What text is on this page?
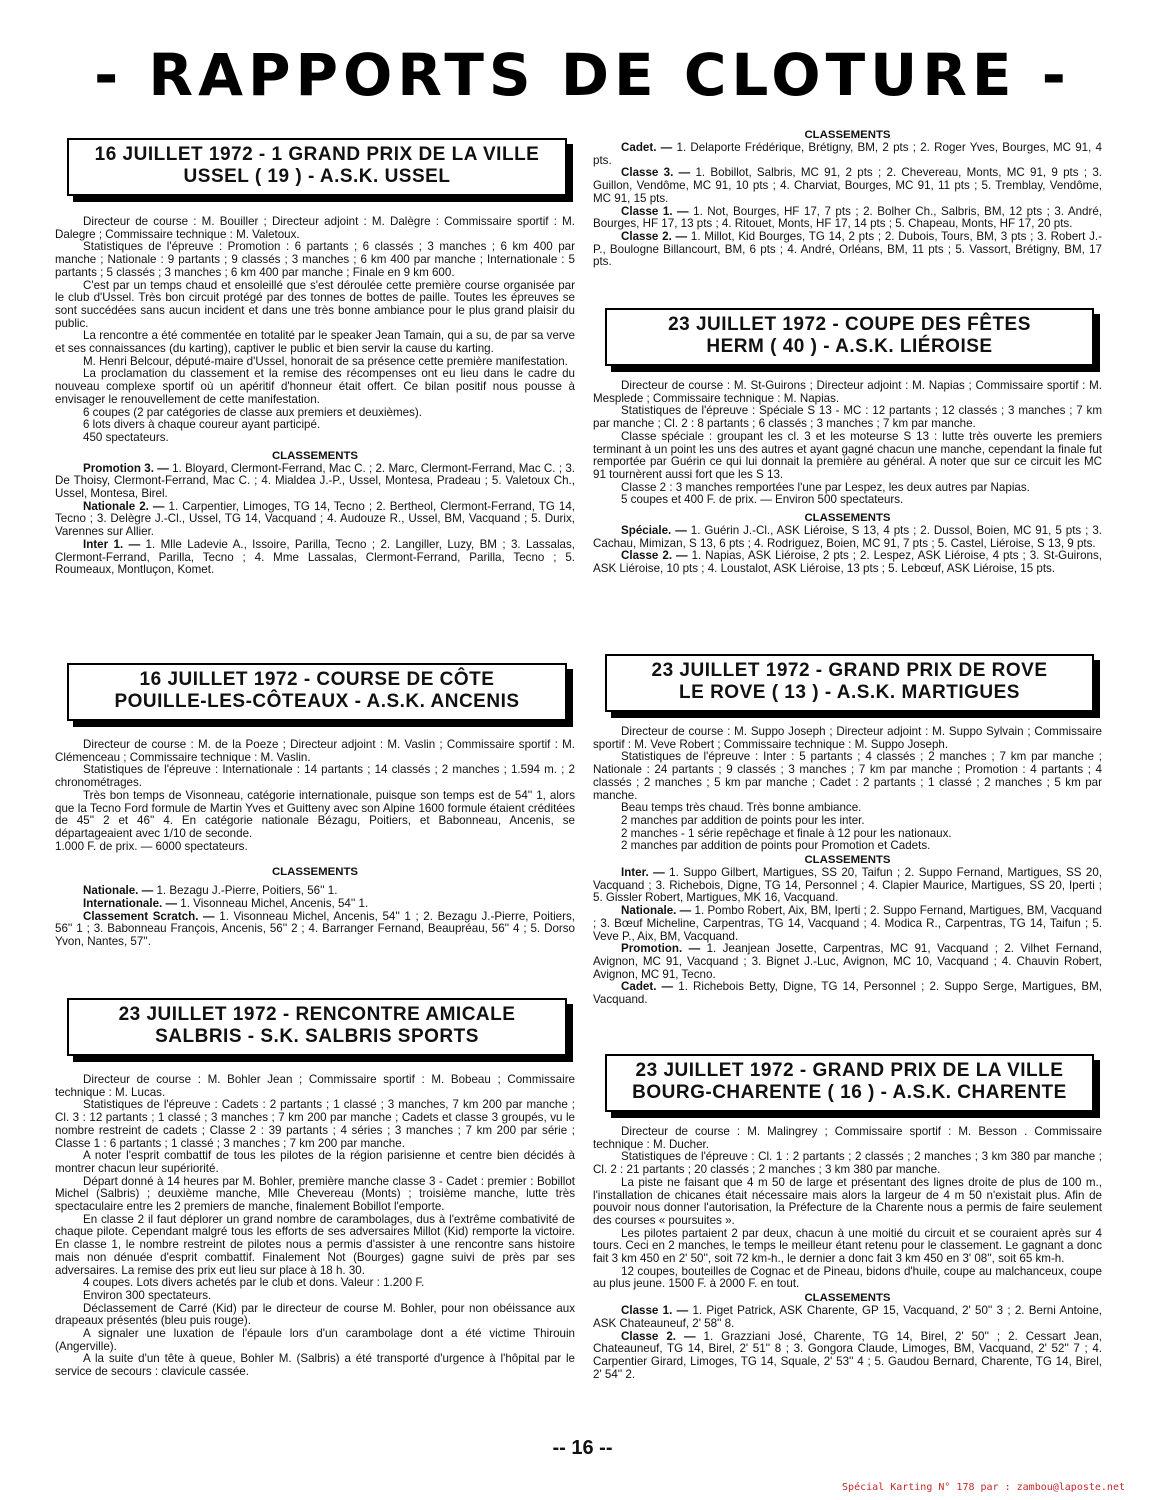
- RAPPORTS DE CLOTURE -

16 JUILLET 1972 - 1 GRAND PRIX DE LA VILLE

USSEL ( 19 ) - A.S.K. USSEL

Directeur de course : M. Bouiller ; Directeur adjoint : M. Dalègre : Commissaire sportif : M. Dalegre ; Commissaire technique : M. Valetoux.

Statistiques de l'épreuve : Promotion : 6 partants ; 6 classés ; 3 manches ; 6 km 400 par manche ; Nationale : 9 partants ; 9 classés ; 3 manches ; 6 km 400 par manche ; Internationale : 5 partants ; 5 classés ; 3 manches ; 6 km 400 par manche ; Finale en 9 km 600.

C'est par un temps chaud et ensoleillé que s'est déroulée cette première course organisée par le club d'Ussel. Très bon circuit protégé par des tonnes de bottes de paille. Toutes les épreuves se sont succédées sans aucun incident et dans une très bonne ambiance pour le plus grand plaisir du public.

La rencontre a été commentée en totalité par le speaker Jean Tamain, qui a su, de par sa verve et ses connaissances (du karting), captiver le public et bien servir la cause du karting.

M. Henri Belcour, député-maire d'Ussel, honorait de sa présence cette première manifestation.

La proclamation du classement et la remise des récompenses ont eu lieu dans le cadre du nouveau complexe sportif où un apéritif d'honneur était offert. Ce bilan positif nous pousse à envisager le renouvellement de cette manifestation.

6 coupes (2 par catégories de classe aux premiers et deuxièmes).

6 lots divers à chaque coureur ayant participé.

450 spectateurs.

CLASSEMENTS

Promotion 3. — 1. Bloyard, Clermont-Ferrand, Mac C. ; 2. Marc, Clermont-Ferrand, Mac C. ; 3. De Thoisy, Clermont-Ferrand, Mac C. ; 4. Mialdea J.-P., Ussel, Montesa, Pradeau ; 5. Valetoux Ch., Ussel, Montesa, Birel.

Nationale 2. — 1. Carpentier, Limoges, TG 14, Tecno ; 2. Bertheol, Clermont-Ferrand, TG 14, Tecno ; 3. Delègre J.-Cl., Ussel, TG 14, Vacquand ; 4. Audouze R., Ussel, BM, Vacquand ; 5. Durix, Varennes sur Allier.

Inter 1. — 1. Mlle Ladevie A., Issoire, Parilla, Tecno ; 2. Langiller, Luzy, BM ; 3. Lassalas, Clermont-Ferrand, Parilla, Tecno ; 4. Mme Lassalas, Clermont-Ferrand, Parilla, Tecno ; 5. Roumeaux, Montluçon, Komet.

16 JUILLET 1972 - COURSE DE CÔTE

POUILLE-LES-CÔTEAUX - A.S.K. ANCENIS

Directeur de course : M. de la Poeze ; Directeur adjoint : M. Vaslin ; Commissaire sportif : M. Clémenceau ; Commissaire technique : M. Vaslin.

Statistiques de l'épreuve : Internationale : 14 partants ; 14 classés ; 2 manches ; 1.594 m. ; 2 chronométrages.

Très bon temps de Visonneau, catégorie internationale, puisque son temps est de 54'' 1, alors que la Tecno Ford formule de Martin Yves et Guitteny avec son Alpine 1600 formule étaient créditées de 45'' 2 et 46'' 4. En catégorie nationale Bézagu, Poitiers, et Babonneau, Ancenis, se départageaient avec 1/10 de seconde.

1.000 F. de prix. — 6000 spectateurs.

CLASSEMENTS

Nationale. — 1. Bezagu J.-Pierre, Poitiers, 56'' 1.

Internationale. — 1. Visonneau Michel, Ancenis, 54'' 1.

Classement Scratch. — 1. Visonneau Michel, Ancenis, 54'' 1 ; 2. Bezagu J.-Pierre, Poitiers, 56'' 1 ; 3. Babonneau François, Ancenis, 56'' 2 ; 4. Barranger Fernand, Beaupréau, 56'' 4 ; 5. Dorso Yvon, Nantes, 57''.

23 JUILLET 1972 - RENCONTRE AMICALE

SALBRIS - S.K. SALBRIS SPORTS

Directeur de course : M. Bohler Jean ; Commissaire sportif : M. Bobeau ; Commissaire technique : M. Lucas.

Statistiques de l'épreuve : Cadets : 2 partants ; 1 classé ; 3 manches, 7 km 200 par manche ; Cl. 3 : 12 partants ; 1 classé ; 3 manches ; 7 km 200 par manche ; Cadets et classe 3 groupés, vu le nombre restreint de cadets ; Classe 2 : 39 partants ; 4 séries ; 3 manches ; 7 km 200 par série ; Classe 1 : 6 partants ; 1 classé ; 3 manches ; 7 km 200 par manche.

A noter l'esprit combattif de tous les pilotes de la région parisienne et centre bien décidés à montrer chacun leur supériorité.

Départ donné à 14 heures par M. Bohler, première manche classe 3 - Cadet : premier : Bobillot Michel (Salbris) ; deuxième manche, Mlle Chevereau (Monts) ; troisième manche, lutte très spectaculaire entre les 2 premiers de manche, finalement Bobillot l'emporte.

En classe 2 il faut déplorer un grand nombre de carambolages, dus à l'extrême combativité de chaque pilote. Cependant malgré tous les efforts de ses adversaires Millot (Kid) remporte la victoire. En classe 1, le nombre restreint de pilotes nous a permis d'assister à une rencontre sans histoire mais non dénuée d'esprit combattif. Finalement Not (Bourges) gagne suivi de près par ses adversaires. La remise des prix eut lieu sur place à 18 h. 30.

4 coupes. Lots divers achetés par le club et dons. Valeur : 1.200 F.

Environ 300 spectateurs.

Déclassement de Carré (Kid) par le directeur de course M. Bohler, pour non obéissance aux drapeaux présentés (bleu puis rouge).

A signaler une luxation de l'épaule lors d'un carambolage dont a été victime Thirouin (Angerville).

A la suite d'un tête à queue, Bohler M. (Salbris) a été transporté d'urgence à l'hôpital par le service de secours : clavicule cassée.

CLASSEMENTS

Cadet. — 1. Delaporte Frédérique, Brétigny, BM, 2 pts ; 2. Roger Yves, Bourges, MC 91, 4 pts.

Classe 3. — 1. Bobillot, Salbris, MC 91, 2 pts ; 2. Chevereau, Monts, MC 91, 9 pts ; 3. Guillon, Vendôme, MC 91, 10 pts ; 4. Charviat, Bourges, MC 91, 11 pts ; 5. Tremblay, Vendôme, MC 91, 15 pts.

Classe 1. — 1. Not, Bourges, HF 17, 7 pts ; 2. Bolher Ch., Salbris, BM, 12 pts ; 3. André, Bourges, HF 17, 13 pts ; 4. Ritouet, Monts, HF 17, 14 pts ; 5. Chapeau, Monts, HF 17, 20 pts.

Classe 2. — 1. Millot, Kid Bourges, TG 14, 2 pts ; 2. Dubois, Tours, BM, 3 pts ; 3. Robert J.-P., Boulogne Billancourt, BM, 6 pts ; 4. André, Orléans, BM, 11 pts ; 5. Vassort, Brétigny, BM, 17 pts.

23 JUILLET 1972 - COUPE DES FÊTES

HERM ( 40 ) - A.S.K. LIÉROISE

Directeur de course : M. St-Guirons ; Directeur adjoint : M. Napias ; Commissaire sportif : M. Mesplede ; Commissaire technique : M. Napias.

Statistiques de l'épreuve : Spéciale S 13 - MC : 12 partants ; 12 classés ; 3 manches ; 7 km par manche ; Cl. 2 : 8 partants ; 6 classés ; 3 manches ; 7 km par manche.

Classe spéciale : groupant les cl. 3 et les moteurse S 13 : lutte très ouverte les premiers terminant à un point les uns des autres et ayant gagné chacun une manche, cependant la finale fut remportée par Guérin ce qui lui donnait la première au général. A noter que sur ce circuit les MC 91 tournèrent aussi fort que les S 13.

Classe 2 : 3 manches remportées l'une par Lespez, les deux autres par Napias.

5 coupes et 400 F. de prix. — Environ 500 spectateurs.

CLASSEMENTS

Spéciale. — 1. Guérin J.-Cl., ASK Liéroise, S 13, 4 pts ; 2. Dussol, Boien, MC 91, 5 pts ; 3. Cachau, Mimizan, S 13, 6 pts ; 4. Rodriguez, Boien, MC 91, 7 pts ; 5. Castel, Liéroise, S 13, 9 pts.

Classe 2. — 1. Napias, ASK Liéroise, 2 pts ; 2. Lespez, ASK Liéroise, 4 pts ; 3. St-Guirons, ASK Liéroise, 10 pts ; 4. Loustalot, ASK Liéroise, 13 pts ; 5. Lebœuf, ASK Liéroise, 15 pts.

23 JUILLET 1972 - GRAND PRIX DE ROVE

LE ROVE ( 13 ) - A.S.K. MARTIGUES

Directeur de course : M. Suppo Joseph ; Directeur adjoint : M. Suppo Sylvain ; Commissaire sportif : M. Veve Robert ; Commissaire technique : M. Suppo Joseph.

Statistiques de l'épreuve : Inter : 5 partants ; 4 classés ; 2 manches ; 7 km par manche ; Nationale : 24 partants ; 9 classés ; 3 manches ; 7 km par manche ; Promotion : 4 partants ; 4 classés ; 2 manches ; 5 km par manche ; Cadet : 2 partants ; 1 classé ; 2 manches ; 5 km par manche.

Beau temps très chaud. Très bonne ambiance.

2 manches par addition de points pour les inter.

2 manches - 1 série repêchage et finale à 12 pour les nationaux.

2 manches par addition de points pour Promotion et Cadets.

CLASSEMENTS

Inter. — 1. Suppo Gilbert, Martigues, SS 20, Taifun ; 2. Suppo Fernand, Martigues, SS 20, Vacquand ; 3. Richebois, Digne, TG 14, Personnel ; 4. Clapier Maurice, Martigues, SS 20, Iperti ; 5. Gissler Robert, Martigues, MK 16, Vacquand.

Nationale. — 1. Pombo Robert, Aix, BM, Iperti ; 2. Suppo Fernand, Martigues, BM, Vacquand ; 3. Bœuf Micheline, Carpentras, TG 14, Vacquand ; 4. Modica R., Carpentras, TG 14, Taifun ; 5. Veve P., Aix, BM, Vacquand.

Promotion. — 1. Jeanjean Josette, Carpentras, MC 91, Vacquand ; 2. Vilhet Fernand, Avignon, MC 91, Vacquand ; 3. Bignet J.-Luc, Avignon, MC 10, Vacquand ; 4. Chauvin Robert, Avignon, MC 91, Tecno.

Cadet. — 1. Richebois Betty, Digne, TG 14, Personnel ; 2. Suppo Serge, Martigues, BM, Vacquand.

23 JUILLET 1972 - GRAND PRIX DE LA VILLE

BOURG-CHARENTE ( 16 ) - A.S.K. CHARENTE

Directeur de course : M. Malingrey ; Commissaire sportif : M. Besson . Commissaire technique : M. Ducher.

Statistiques de l'épreuve : Cl. 1 : 2 partants ; 2 classés ; 2 manches ; 3 km 380 par manche ; Cl. 2 : 21 partants ; 20 classés ; 2 manches ; 3 km 380 par manche.

La piste ne faisant que 4 m 50 de large et présentant des lignes droite de plus de 100 m., l'installation de chicanes était nécessaire mais alors la largeur de 4 m 50 n'existait plus. Afin de pouvoir nous donner l'autorisation, la Préfecture de la Charente nous a permis de faire seulement des courses « poursuites ».

Les pilotes partaient 2 par deux, chacun à une moitié du circuit et se couraient après sur 4 tours. Ceci en 2 manches, le temps le meilleur étant retenu pour le classement. Le gagnant a donc fait 3 km 450 en 2' 50'', soit 72 km-h., le dernier a donc fait 3 km 450 en 3' 08'', soit 65 km-h.

12 coupes, bouteilles de Cognac et de Pineau, bidons d'huile, coupe au malchanceux, coupe au plus jeune. 1500 F. à 2000 F. en tout.

CLASSEMENTS

Classe 1. — 1. Piget Patrick, ASK Charente, GP 15, Vacquand, 2' 50'' 3 ; 2. Berni Antoine, ASK Chateauneuf, 2' 58'' 8.

Classe 2. — 1. Grazziani José, Charente, TG 14, Birel, 2' 50'' ; 2. Cessart Jean, Chateauneuf, TG 14, Birel, 2' 51'' 8 ; 3. Gongora Claude, Limoges, BM, Vacquand, 2' 52'' 7 ; 4. Carpentier Girard, Limoges, TG 14, Squale, 2' 53'' 4 ; 5. Gaudou Bernard, Charente, TG 14, Birel, 2' 54'' 2.

-- 16 --
Spécial Karting N° 178 par : zambou@laposte.net
